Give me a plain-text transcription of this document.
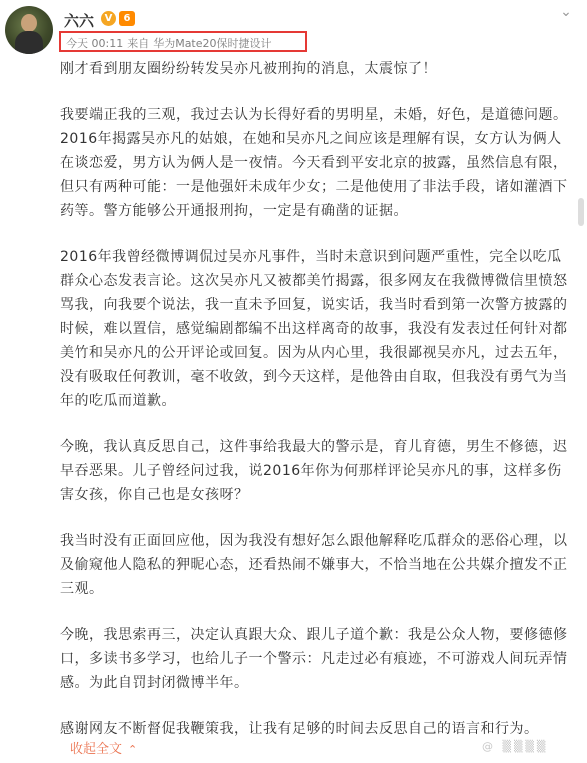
六六	V	6
今天 00:11 来自 华为Mate20保时捷设计
⌄

刚才看到朋友圈纷纷转发吴亦凡被刑拘的消息，太震惊了！

我要端正我的三观，我过去认为长得好看的男明星，未婚，好色，是道德问题。2016年揭露吴亦凡的姑娘，在她和吴亦凡之间应该是理解有误，女方认为俩人在谈恋爱，男方认为俩人是一夜情。今天看到平安北京的披露，虽然信息有限，但只有两种可能：一是他强奸未成年少女；二是他使用了非法手段，诸如灌酒下药等。警方能够公开通报刑拘，一定是有确凿的证据。

2016年我曾经微博调侃过吴亦凡事件，当时未意识到问题严重性，完全以吃瓜群众心态发表言论。这次吴亦凡又被都美竹揭露，很多网友在我微博微信里愤怒骂我，向我要个说法，我一直未予回复，说实话，我当时看到第一次警方披露的时候，难以置信，感觉编剧都编不出这样离奇的故事，我没有发表过任何针对都美竹和吴亦凡的公开评论或回复。因为从内心里，我很鄙视吴亦凡，过去五年，没有吸取任何教训，毫不收敛，到今天这样，是他咎由自取，但我没有勇气为当年的吃瓜而道歉。

今晚，我认真反思自己，这件事给我最大的警示是，育儿育德，男生不修德，迟早吞恶果。儿子曾经问过我，说2016年你为何那样评论吴亦凡的事，这样多伤害女孩，你自己也是女孩呀？

我当时没有正面回应他，因为我没有想好怎么跟他解释吃瓜群众的恶俗心理，以及偷窥他人隐私的狎昵心态，还看热闹不嫌事大，不恰当地在公共媒介擅发不正三观。

今晚，我思索再三，决定认真跟大众、跟儿子道个歉：我是公众人物，要修德修口，多读书多学习，也给儿子一个警示：凡走过必有痕迹，不可游戏人间玩弄情感。为此自罚封闭微博半年。

感谢网友不断督促我鞭策我，让我有足够的时间去反思自己的语言和行为。

收起全文 ⌃	@ ▒▒▒▒
